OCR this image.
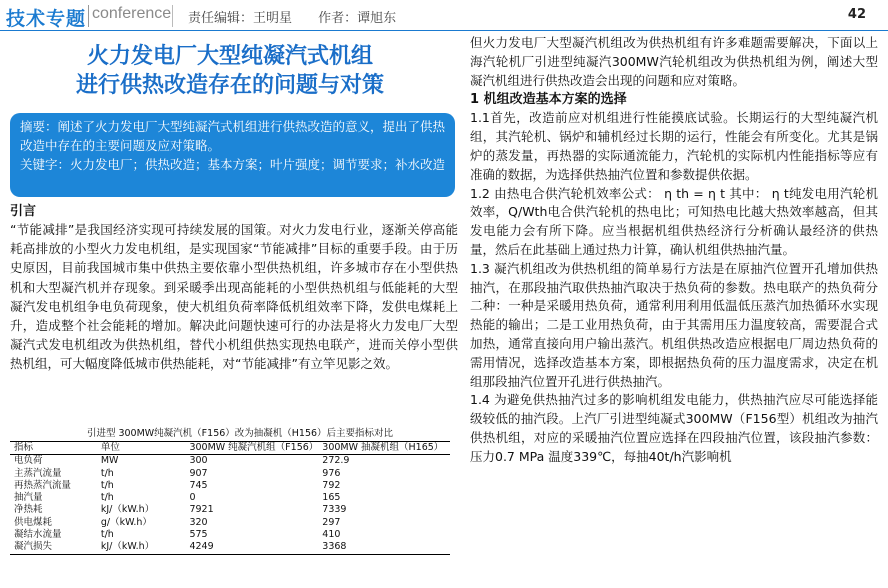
技术专题 conference 责任编辑：王明星 作者：谭旭东	42
火力发电厂大型纯凝汽式机组
进行供热改造存在的问题与对策

摘要：阐述了火力发电厂大型纯凝汽式机组进行供热改造的意义，提出了供热改造中存在的主要问题及应对策略。

关键字：火力发电厂；供热改造；基本方案；叶片强度；调节要求；补水改造

引言

“节能减排”是我国经济实现可持续发展的国策。对火力发电行业，逐渐关停高能耗高排放的小型火力发电机组，是实现国家“节能减排”目标的重要手段。由于历史原因，目前我国城市集中供热主要依靠小型供热机组，许多城市存在小型供热机和大型凝汽机并存现象。到采暖季出现高能耗的小型供热机组与低能耗的大型凝汽发电机组争电负荷现象，使大机组负荷率降低机组效率下降，发供电煤耗上升，造成整个社会能耗的增加。解决此问题快速可行的办法是将火力发电厂大型凝汽式发电机组改为供热机组，替代小机组供热实现热电联产，进而关停小型供热机组，可大幅度降低城市供热能耗，对“节能减排”有立竿见影之效。

引进型 300MW纯凝汽机（F156）改为抽凝机（H156）后主要指标对比
指标	单位	300MW 纯凝汽机组（F156）	300MW 抽凝机组（H165）
电负荷	MW	300	272.9
主蒸汽流量	t/h	907	976
再热蒸汽流量	t/h	745	792
抽汽量	t/h	0	165
净热耗	kJ/（kW.h）	7921	7339
供电煤耗	g/（kW.h）	320	297
凝结水流量	t/h	575	410
凝汽损失	kJ/（kW.h）	4249	3368

但火力发电厂大型凝汽机组改为供热机组有许多难题需要解决，下面以上海汽轮机厂引进型纯凝汽300MW汽轮机组改为供热机组为例，阐述大型凝汽机组进行供热改造会出现的问题和应对策略。

1 机组改造基本方案的选择

1.1首先，改造前应对机组进行性能摸底试验。长期运行的大型纯凝汽机组，其汽轮机、锅炉和辅机经过长期的运行，性能会有所变化。尤其是锅炉的蒸发量，再热器的实际通流能力，汽轮机的实际机内性能指标等应有准确的数据，为选择供热抽汽位置和参数提供依据。

1.2 由热电合供汽轮机效率公式： η th = η t 其中： η t纯发电用汽轮机效率，Q/Wth电合供汽轮机的热电比；可知热电比越大热效率越高，但其发电能力会有所下降。应当根据机组供热经济行分析确认最经济的供热量，然后在此基础上通过热力计算，确认机组供热抽汽量。

1.3 凝汽机组改为供热机组的简单易行方法是在原抽汽位置开孔增加供热抽汽，在那段抽汽取供热抽汽取决于热负荷的参数。热电联产的热负荷分二种：一种是采暖用热负荷，通常利用利用低温低压蒸汽加热循环水实现热能的输出；二是工业用热负荷，由于其需用压力温度较高，需要混合式加热，通常直接向用户输出蒸汽。机组供热改造应根据电厂周边热负荷的需用情况，选择改造基本方案，即根据热负荷的压力温度需求，决定在机组那段抽汽位置开孔进行供热抽汽。

1.4 为避免供热抽汽过多的影响机组发电能力，供热抽汽应尽可能选择能级较低的抽汽段。上汽厂引进型纯凝式300MW（F156型）机组改为抽汽供热机组，对应的采暖抽汽位置应选择在四段抽汽位置，该段抽汽参数：压力0.7 MPa 温度339℃，每抽40t/h汽影响机
